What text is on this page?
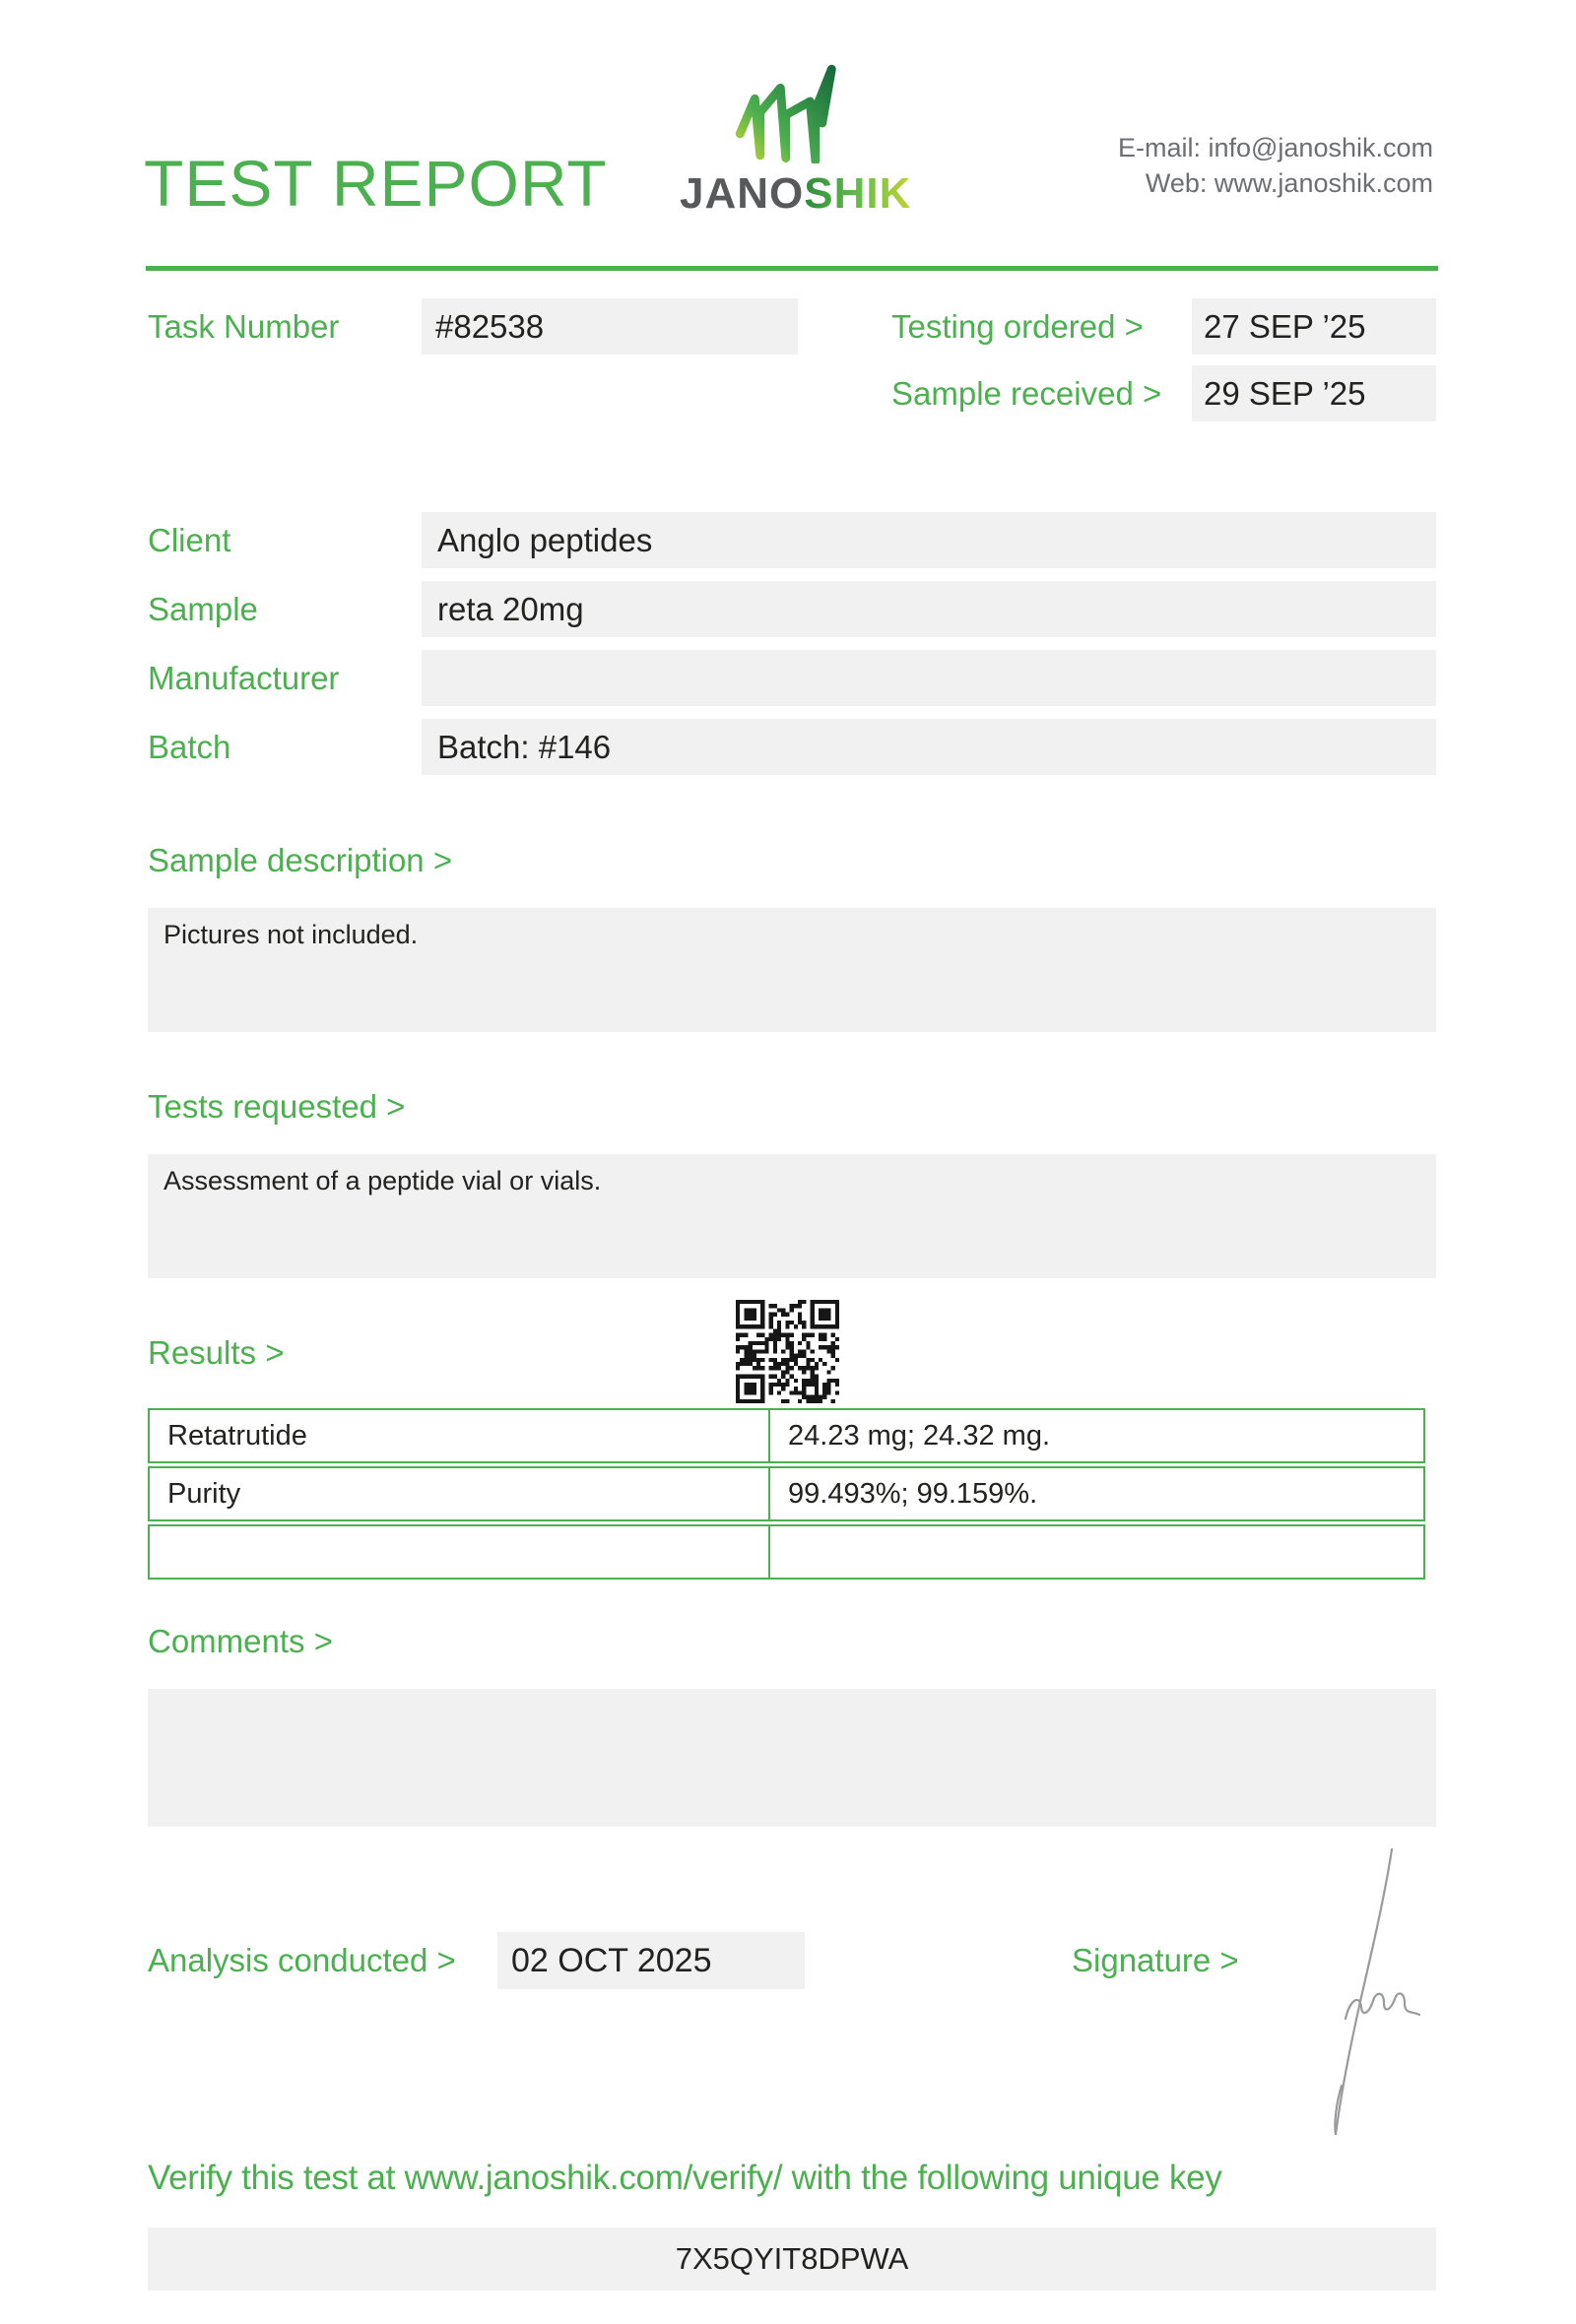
TEST REPORT JANOSHIK
E-mail: info@janoshik.com
Web: www.janoshik.com
Task Number	#82538	Testing ordered >	27 SEP ’25
Sample received >	29 SEP ’25
Client	Anglo peptides
Sample	reta 20mg
Manufacturer
Batch	Batch: #146
Sample description >
Pictures not included.
Tests requested >
Assessment of a peptide vial or vials.
Results >
Retatrutide	24.23 mg; 24.32 mg.
Purity	99.493%; 99.159%.
Comments >
Analysis conducted >	02 OCT 2025	Signature >
Verify this test at www.janoshik.com/verify/ with the following unique key
7X5QYIT8DPWA
